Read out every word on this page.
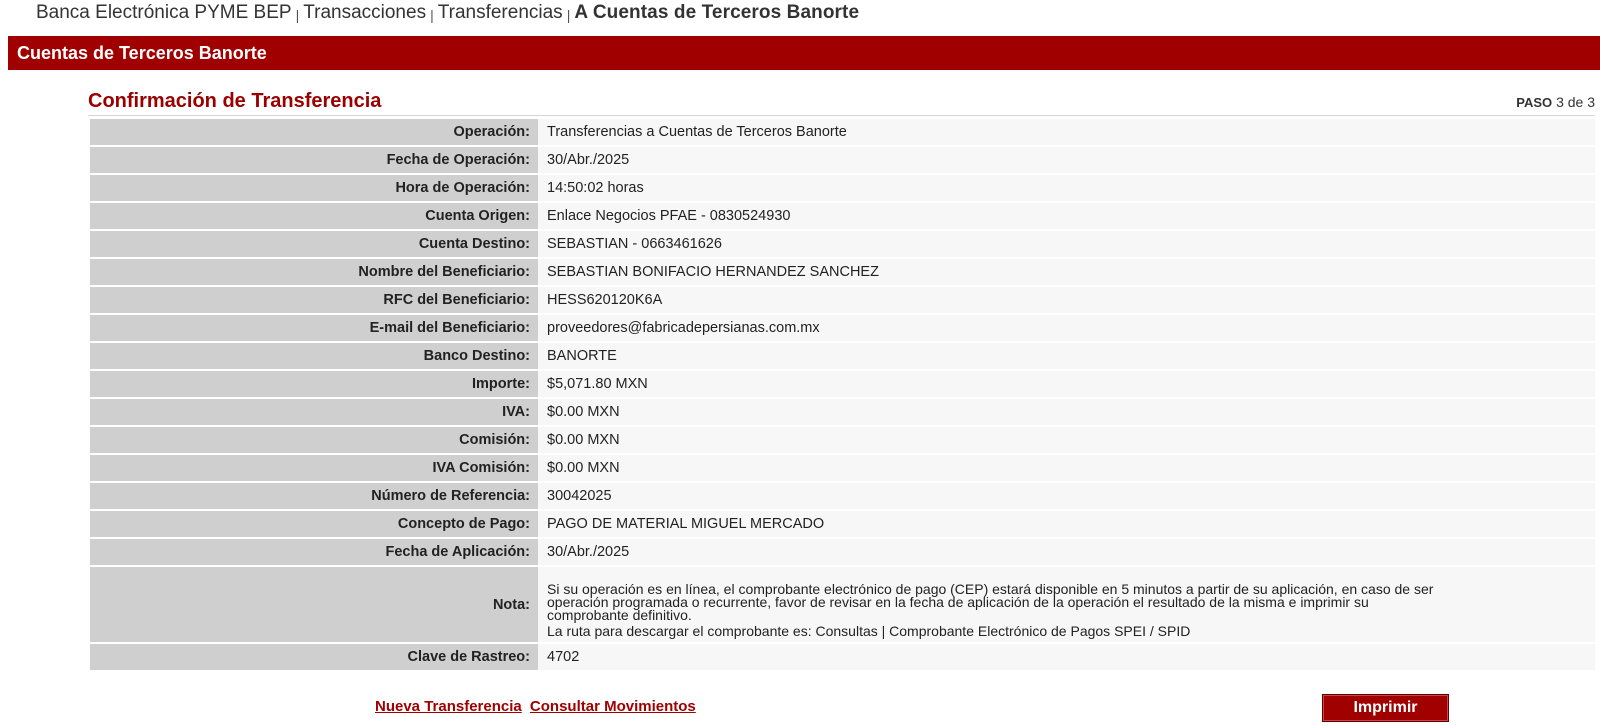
Banca Electrónica PYME BEP | Transacciones | Transferencias | A Cuentas de Terceros Banorte
Cuentas de Terceros Banorte
Confirmación de Transferencia	PASO 3 de 3
Operación:	Transferencias a Cuentas de Terceros Banorte
Fecha de Operación:	30/Abr./2025
Hora de Operación:	14:50:02 horas
Cuenta Origen:	Enlace Negocios PFAE - 0830524930
Cuenta Destino:	SEBASTIAN - 0663461626
Nombre del Beneficiario:	SEBASTIAN BONIFACIO HERNANDEZ SANCHEZ
RFC del Beneficiario:	HESS620120K6A
E-mail del Beneficiario:	proveedores@fabricadepersianas.com.mx
Banco Destino:	BANORTE
Importe:	$5,071.80 MXN
IVA:	$0.00 MXN
Comisión:	$0.00 MXN
IVA Comisión:	$0.00 MXN
Número de Referencia:	30042025
Concepto de Pago:	PAGO DE MATERIAL MIGUEL MERCADO
Fecha de Aplicación:	30/Abr./2025
Nota:
Si su operación es en línea, el comprobante electrónico de pago (CEP) estará disponible en 5 minutos a partir de su aplicación, en caso de ser
operación programada o recurrente, favor de revisar en la fecha de aplicación de la operación el resultado de la misma e imprimir su
comprobante definitivo.
La ruta para descargar el comprobante es: Consultas | Comprobante Electrónico de Pagos SPEI / SPID
Clave de Rastreo:	4702
Nueva Transferencia Consultar Movimientos	Imprimir
